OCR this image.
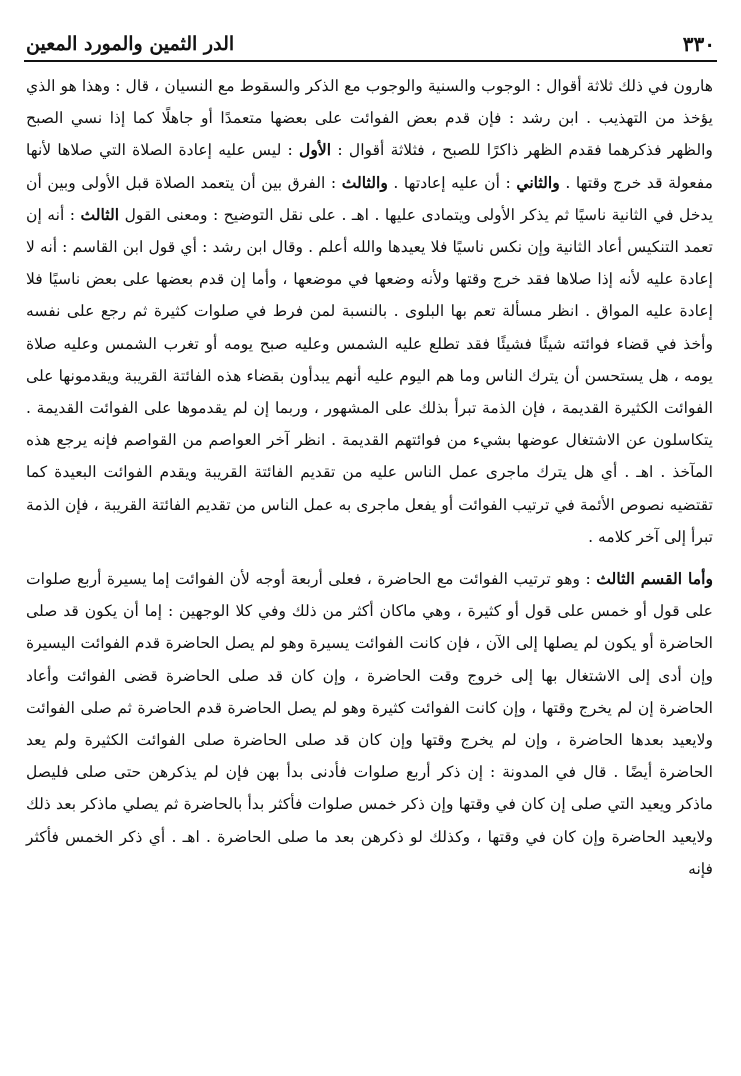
٣٣٠
الدر الثمين والمورد المعين

هارون في ذلك ثلاثة أقوال : الوجوب والسنية والوجوب مع الذكر والسقوط مع النسيان ، قال : وهذا هو الذي يؤخذ من التهذيب . ابن رشد : فإن قدم بعض الفوائت على بعضها متعمدًا أو جاهلًا كما إذا نسي الصبح والظهر فذكرهما فقدم الظهر ذاكرًا للصبح ، فثلاثة أقوال : الأول : ليس عليه إعادة الصلاة التي صلاها لأنها مفعولة قد خرج وقتها . والثاني : أن عليه إعادتها . والثالث : الفرق بين أن يتعمد الصلاة قبل الأولى وبين أن يدخل في الثانية ناسيًا ثم يذكر الأولى ويتمادى عليها . اهـ . على نقل التوضيح : ومعنى القول الثالث : أنه إن تعمد التنكيس أعاد الثانية وإن نكس ناسيًا فلا يعيدها والله أعلم . وقال ابن رشد : أي قول ابن القاسم : أنه لا إعادة عليه لأنه إذا صلاها فقد خرج وقتها ولأنه وضعها في موضعها ، وأما إن قدم بعضها على بعض ناسيًا فلا إعادة عليه المواق . انظر مسألة تعم بها البلوى . بالنسبة لمن فرط في صلوات كثيرة ثم رجع على نفسه وأخذ في قضاء فوائته شيئًا فشيئًا فقد تطلع عليه الشمس وعليه صبح يومه أو تغرب الشمس وعليه صلاة يومه ، هل يستحسن أن يترك الناس وما هم اليوم عليه أنهم يبدأون بقضاء هذه الفائتة القريبة ويقدمونها على الفوائت الكثيرة القديمة ، فإن الذمة تبرأ بذلك على المشهور ، وربما إن لم يقدموها على الفوائت القديمة . يتكاسلون عن الاشتغال عوضها بشيء من فوائتهم القديمة . انظر آخر العواصم من القواصم فإنه يرجع هذه المآخذ . اهـ . أي هل يترك ماجرى عمل الناس عليه من تقديم الفائتة القريبة ويقدم الفوائت البعيدة كما تقتضيه نصوص الأئمة في ترتيب الفوائت أو يفعل ماجرى به عمل الناس من تقديم الفائتة القريبة ، فإن الذمة تبرأ إلى آخر كلامه .

وأما القسم الثالث : وهو ترتيب الفوائت مع الحاضرة ، فعلى أربعة أوجه لأن الفوائت إما يسيرة أربع صلوات على قول أو خمس على قول أو كثيرة ، وهي ماكان أكثر من ذلك وفي كلا الوجهين : إما أن يكون قد صلى الحاضرة أو يكون لم يصلها إلى الآن ، فإن كانت الفوائت يسيرة وهو لم يصل الحاضرة قدم الفوائت اليسيرة وإن أدى إلى الاشتغال بها إلى خروج وقت الحاضرة ، وإن كان قد صلى الحاضرة قضى الفوائت وأعاد الحاضرة إن لم يخرج وقتها ، وإن كانت الفوائت كثيرة وهو لم يصل الحاضرة قدم الحاضرة ثم صلى الفوائت ولايعيد بعدها الحاضرة ، وإن لم يخرج وقتها وإن كان قد صلى الحاضرة صلى الفوائت الكثيرة ولم يعد الحاضرة أيضًا . قال في المدونة : إن ذكر أربع صلوات فأدنى بدأ بهن فإن لم يذكرهن حتى صلى فليصل ماذكر ويعيد التي صلى إن كان في وقتها وإن ذكر خمس صلوات فأكثر بدأ بالحاضرة ثم يصلي ماذكر بعد ذلك ولايعيد الحاضرة وإن كان في وقتها ، وكذلك لو ذكرهن بعد ما صلى الحاضرة . اهـ . أي ذكر الخمس فأكثر فإنه
